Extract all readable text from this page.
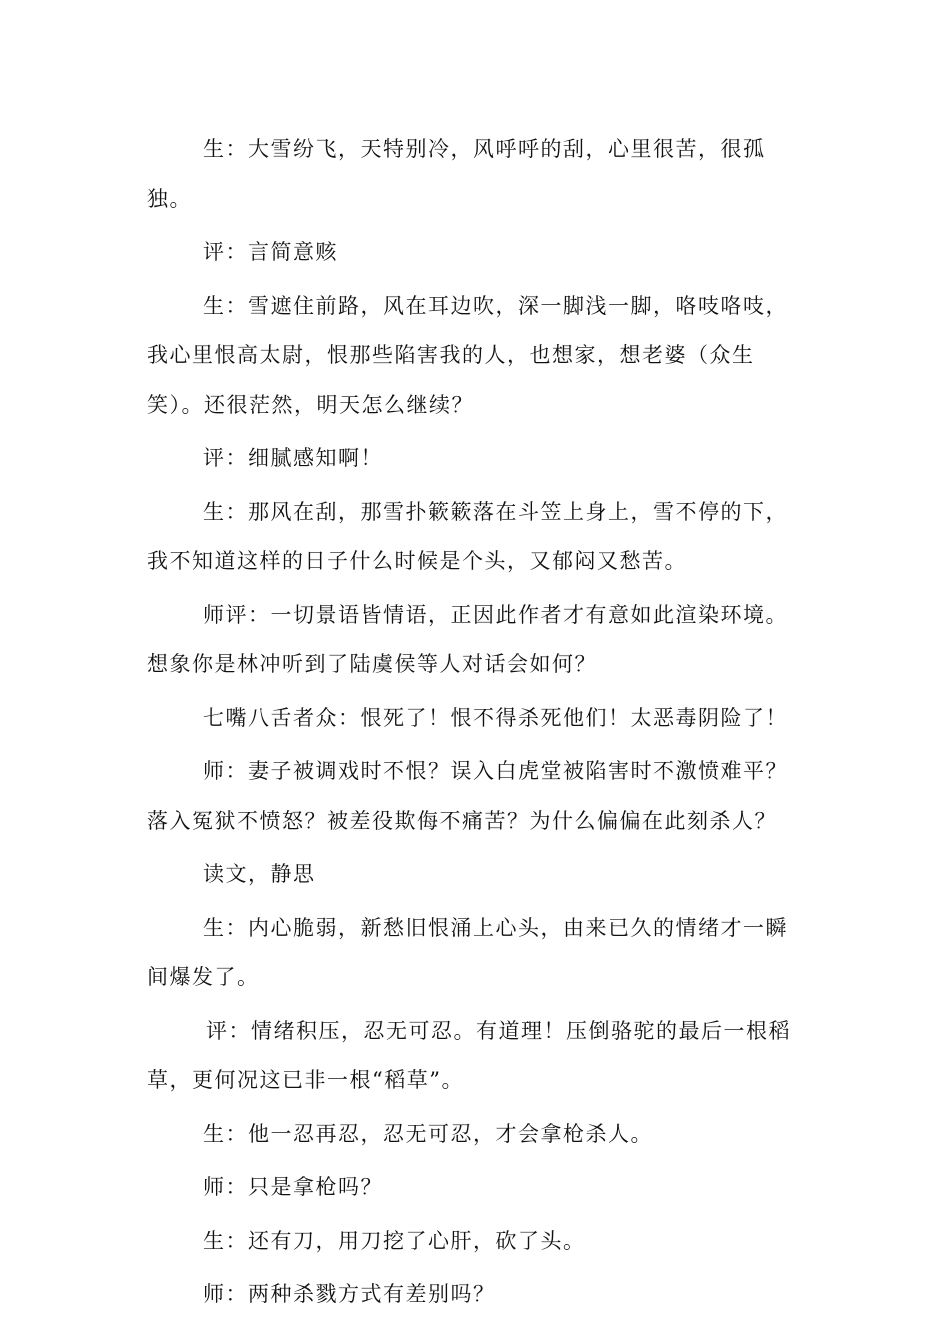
生：大雪纷飞，天特别冷，风呼呼的刮，心里很苦，很孤独。

评：言简意赅

生：雪遮住前路，风在耳边吹，深一脚浅一脚，咯吱咯吱，我心里恨高太尉，恨那些陷害我的人，也想家，想老婆（众生笑）。还很茫然，明天怎么继续？

评：细腻感知啊！

生：那风在刮，那雪扑簌簌落在斗笠上身上，雪不停的下，我不知道这样的日子什么时候是个头，又郁闷又愁苦。

师评：一切景语皆情语，正因此作者才有意如此渲染环境。想象你是林冲听到了陆虞侯等人对话会如何？

七嘴八舌者众：恨死了！恨不得杀死他们！太恶毒阴险了！

师：妻子被调戏时不恨？误入白虎堂被陷害时不激愤难平？落入冤狱不愤怒？被差役欺侮不痛苦？为什么偏偏在此刻杀人？

读文，静思

生：内心脆弱，新愁旧恨涌上心头，由来已久的情绪才一瞬间爆发了。

评：情绪积压，忍无可忍。有道理！压倒骆驼的最后一根稻草，更何况这已非一根“稻草”。

生：他一忍再忍，忍无可忍，才会拿枪杀人。

师：只是拿枪吗？

生：还有刀，用刀挖了心肝，砍了头。

师：两种杀戮方式有差别吗？
